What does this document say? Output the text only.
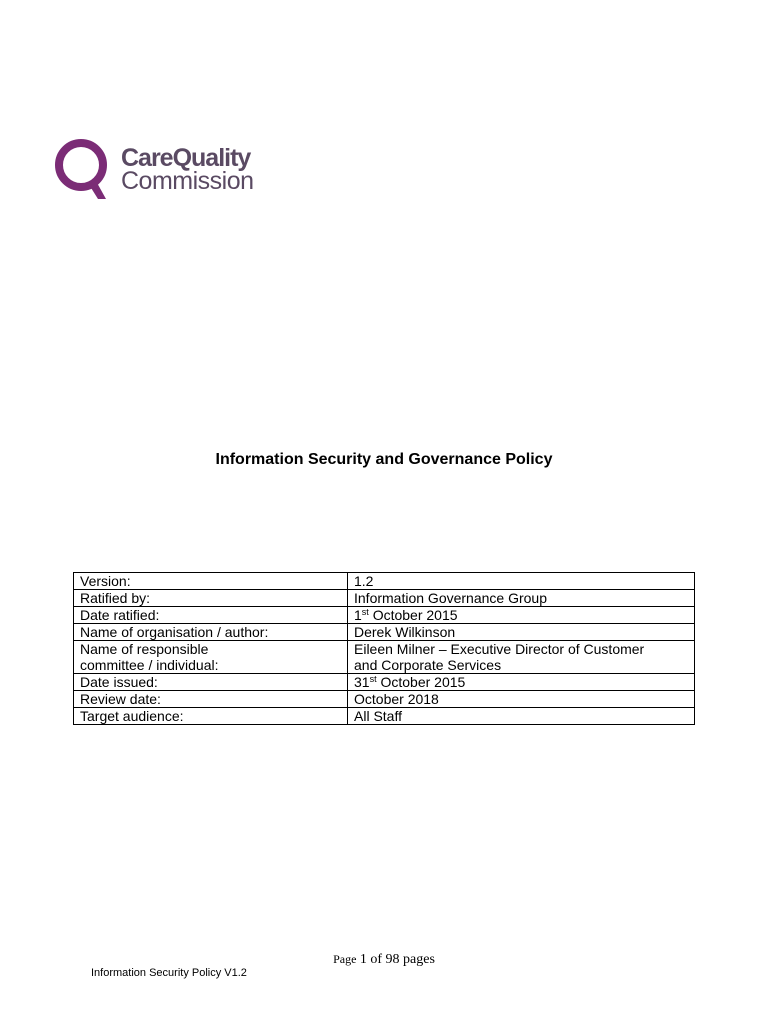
CareQuality
Commission
Information Security and Governance Policy
Version:	1.2
Ratified by:	Information Governance Group
Date ratified:	1st October 2015
Name of organisation / author:	Derek Wilkinson
Name of responsible
committee / individual:	Eileen Milner – Executive Director of Customer
and Corporate Services
Date issued:	31st October 2015
Review date:	October 2018
Target audience:	All Staff
Page 1 of 98 pages
Information Security Policy V1.2
